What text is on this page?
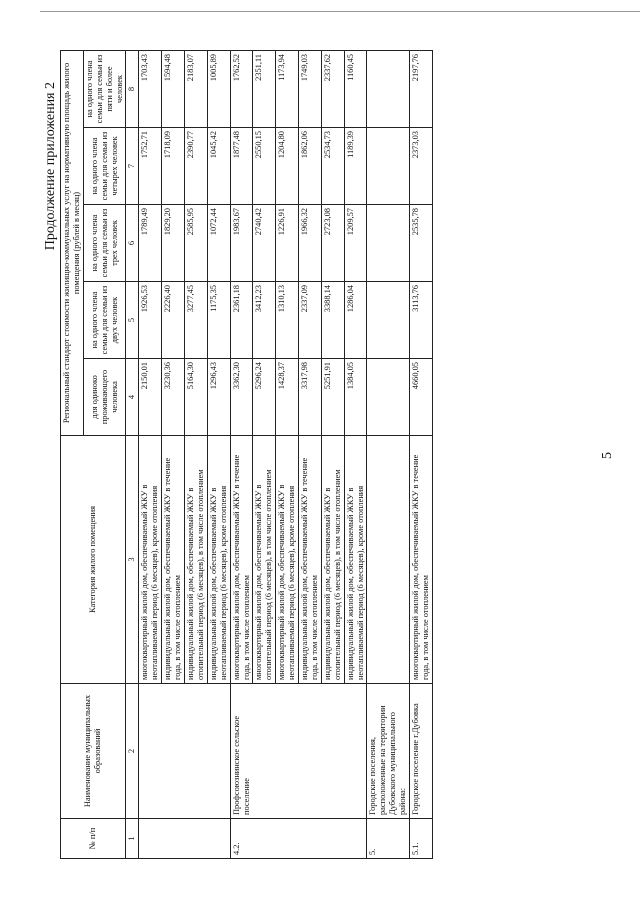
Продолжение приложения 2
№ п/п	Наименование муниципальных образований	Категория жилого помещения	Региональный стандарт стоимости жилищно-коммунальных услуг на нормативную площадь жилого помещения (рублей в месяц)				
			для одиноко проживающего человека	на одного члена семьи для семьи из двух человек	на одного члена семьи для семьи из трех человек	на одного члена семьи для семьи из четырех человек	на одного члена семьи для семьи из пяти и более человек
1	2	3	4	5	6	7	8
		многоквартирный жилой дом, обеспечиваемый ЖКУ в неотапливаемый период (6 месяцев), кроме отопления	2150,01	1926,53	1789,49	1752,71	1703,43
		индивидуальный жилой дом, обеспечиваемый ЖКУ в течение года, в том числе отоплением	3230,36	2226,40	1829,20	1718,09	1594,48
		индивидуальный жилой дом, обеспечиваемый ЖКУ в отопительный период (6 месяцев), в том числе отоплением	5164,30	3277,45	2585,95	2390,77	2183,07
		индивидуальный жилой дом, обеспечиваемый ЖКУ в неотапливаемый период (6 месяцев), кроме отопления	1296,43	1175,35	1072,44	1045,42	1005,89
4.2.	Профсоюзнинское сельское поселение	многоквартирный жилой дом, обеспечиваемый ЖКУ в течение года, в том числе отоплением	3362,30	2361,18	1983,67	1877,48	1762,52
		многоквартирный жилой дом, обеспечиваемый ЖКУ в отопительный период (6 месяцев), в том числе отоплением	5296,24	3412,23	2740,42	2550,15	2351,11
		многоквартирный жилой дом, обеспечиваемый ЖКУ в неотапливаемый период (6 месяцев), кроме отопления	1428,37	1310,13	1226,91	1204,80	1173,94
		индивидуальный жилой дом, обеспечиваемый ЖКУ в течение года, в том числе отоплением	3317,98	2337,09	1966,32	1862,06	1749,03
		индивидуальный жилой дом, обеспечиваемый ЖКУ в отопительный период (6 месяцев), в том числе отоплением	5251,91	3388,14	2723,08	2534,73	2337,62
		индивидуальный жилой дом, обеспечиваемый ЖКУ в неотапливаемый период (6 месяцев), кроме отопления	1384,05	1286,04	1209,57	1189,39	1160,45
5.	Городские поселения, расположенные на территории Дубовского муниципального района:						
5.1.	Городское поселение г.Дубовка	многоквартирный жилой дом, обеспечиваемый ЖКУ в течение года, в том числе отоплением	4660,05	3113,76	2535,78	2373,03	2197,76
5
